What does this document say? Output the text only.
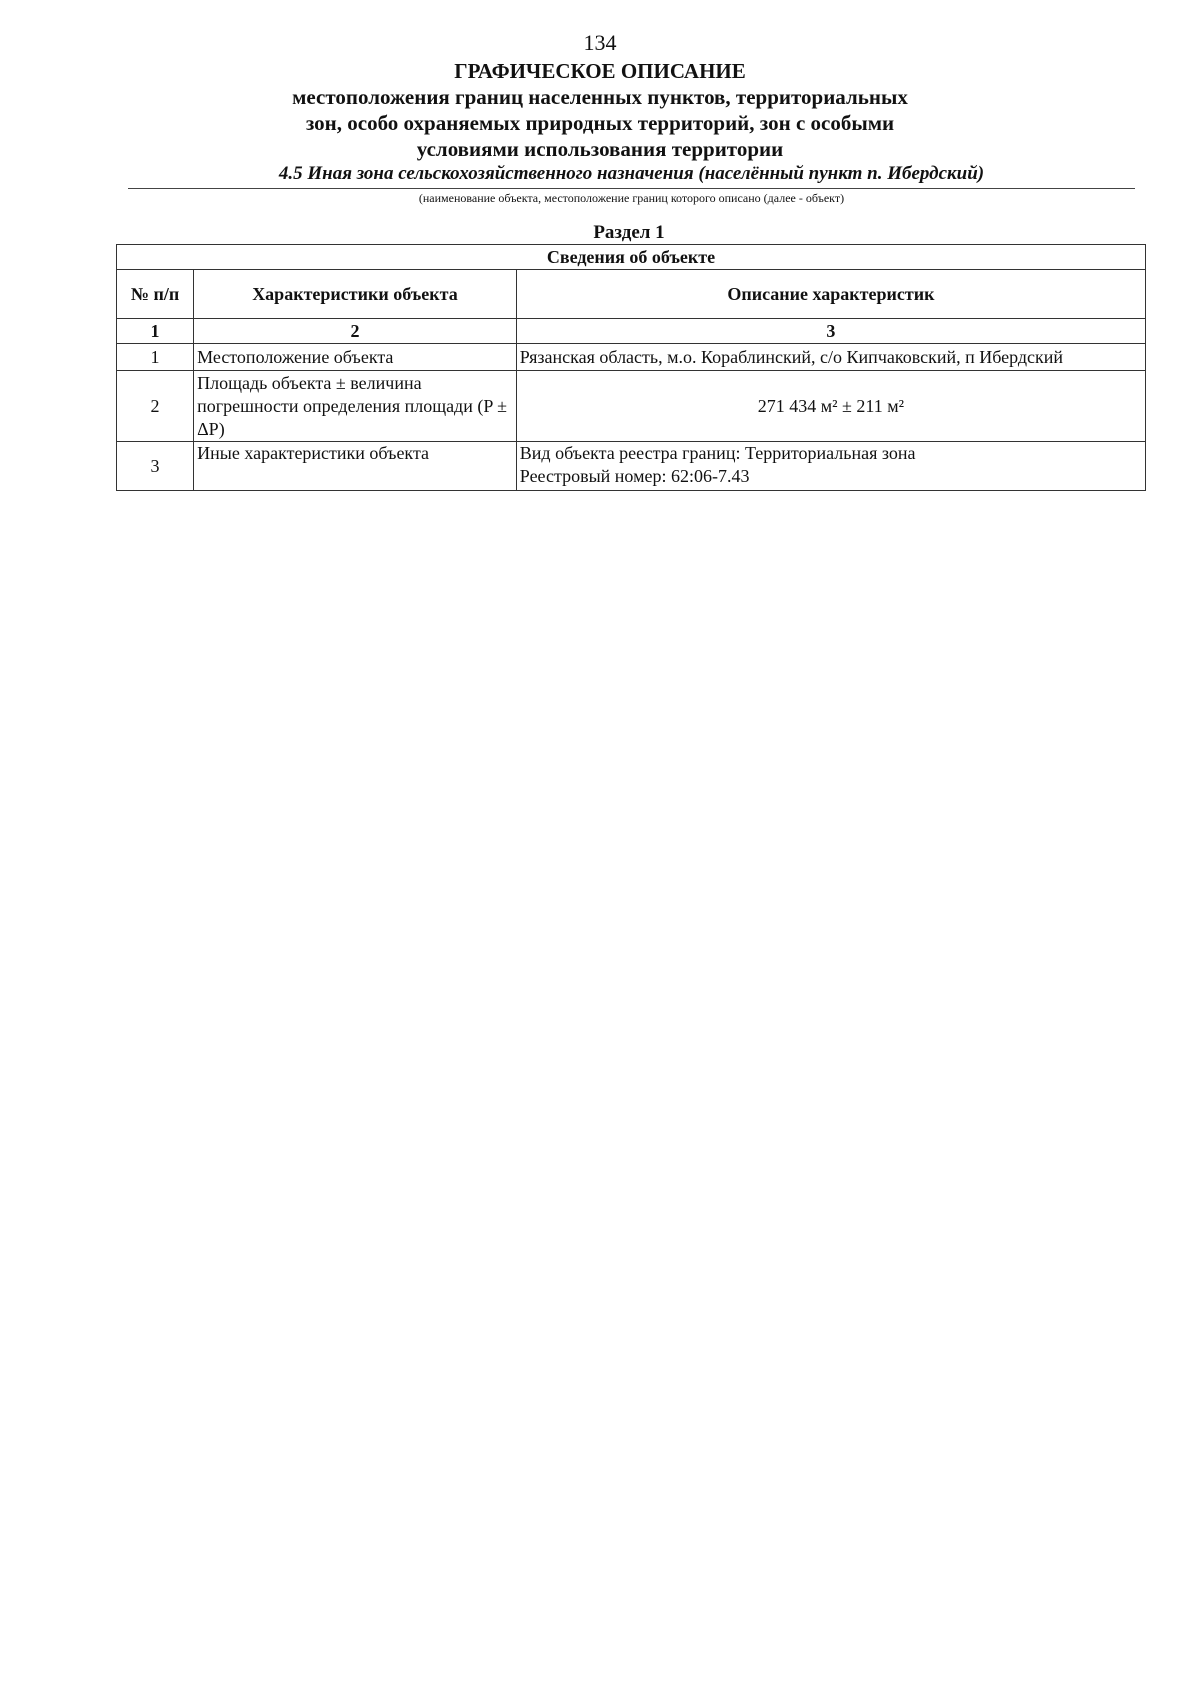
134
ГРАФИЧЕСКОЕ ОПИСАНИЕ
местоположения границ населенных пунктов, территориальных
зон, особо охраняемых природных территорий, зон с особыми
условиями использования территории
4.5 Иная зона сельскохозяйственного назначения (населённый пункт п. Ибердский)
(наименование объекта, местоположение границ которого описано (далее - объект)
Раздел 1
Сведения об объекте		
№ п/п	Характеристики объекта	Описание характеристик
1	2	3
1	Местоположение объекта	Рязанская область, м.о. Кораблинский, с/о Кипчаковский, п Ибердский
2	Площадь объекта ± величина погрешности определения площади (P ± ΔP)	271 434 м² ± 211 м²
3	Иные характеристики объекта	Вид объекта реестра границ: Территориальная зона
Реестровый номер: 62:06-7.43
